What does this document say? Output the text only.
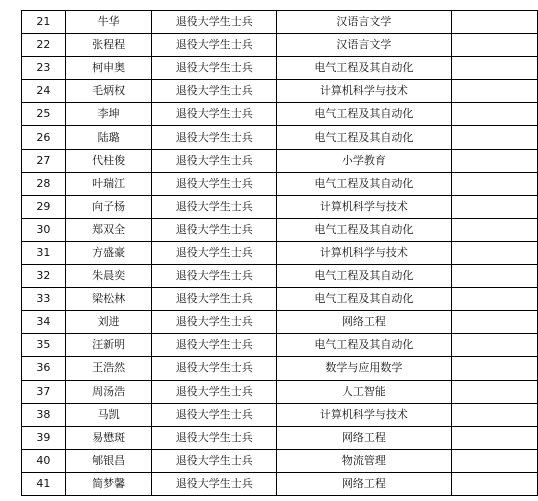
21	牛华	退役大学生士兵	汉语言文学	
22	张程程	退役大学生士兵	汉语言文学	
23	柯申奥	退役大学生士兵	电气工程及其自动化	
24	毛炳权	退役大学生士兵	计算机科学与技术	
25	李坤	退役大学生士兵	电气工程及其自动化	
26	陆璐	退役大学生士兵	电气工程及其自动化	
27	代柱俊	退役大学生士兵	小学教育	
28	叶瑞江	退役大学生士兵	电气工程及其自动化	
29	向子杨	退役大学生士兵	计算机科学与技术	
30	郑双全	退役大学生士兵	电气工程及其自动化	
31	方盛豪	退役大学生士兵	计算机科学与技术	
32	朱晨奕	退役大学生士兵	电气工程及其自动化	
33	梁松林	退役大学生士兵	电气工程及其自动化	
34	刘进	退役大学生士兵	网络工程	
35	汪新明	退役大学生士兵	电气工程及其自动化	
36	王浩然	退役大学生士兵	数学与应用数学	
37	周汤浩	退役大学生士兵	人工智能	
38	马凯	退役大学生士兵	计算机科学与技术	
39	易懋斑	退役大学生士兵	网络工程	
40	郇银昌	退役大学生士兵	物流管理	
41	简梦馨	退役大学生士兵	网络工程	
